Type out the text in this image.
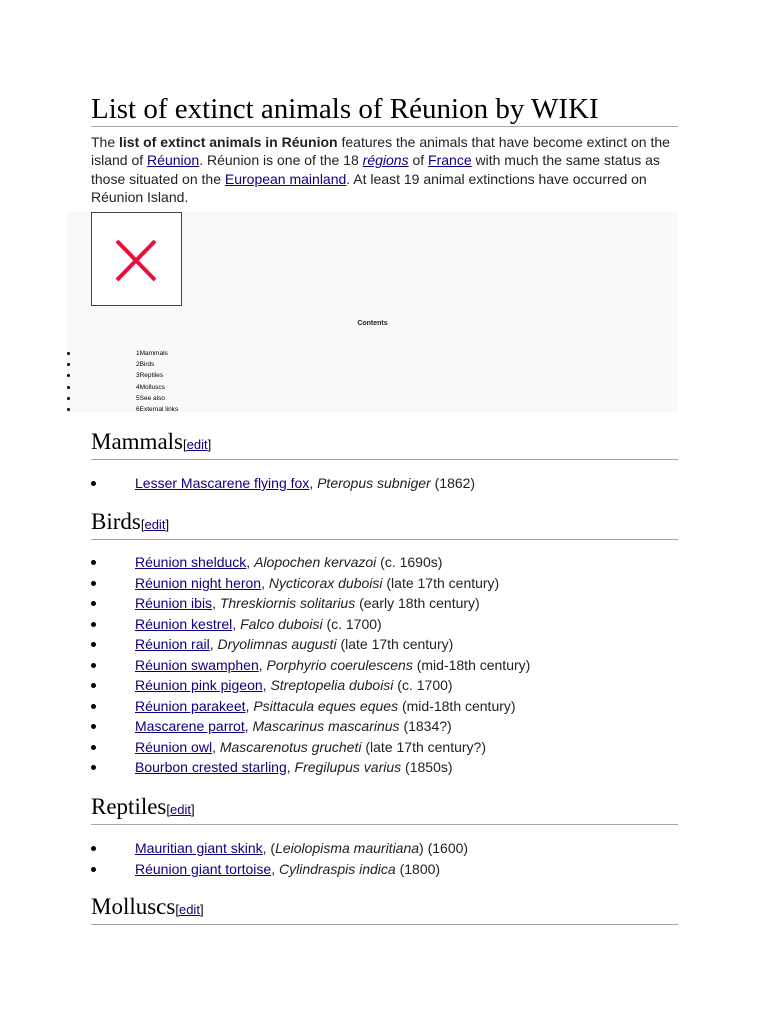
List of extinct animals of Réunion by WIKI
The list of extinct animals in Réunion features the animals that have become extinct on the island of Réunion. Réunion is one of the 18 régions of France with much the same status as those situated on the European mainland. At least 19 animal extinctions have occurred on Réunion Island.
Contents
1Mammals
2Birds
3Reptiles
4Molluscs
5See also
6External links
Mammals[edit]
Lesser Mascarene flying fox, Pteropus subniger (1862)
Birds[edit]
Réunion shelduck, Alopochen kervazoi (c. 1690s)
Réunion night heron, Nycticorax duboisi (late 17th century)
Réunion ibis, Threskiornis solitarius (early 18th century)
Réunion kestrel, Falco duboisi (c. 1700)
Réunion rail, Dryolimnas augusti (late 17th century)
Réunion swamphen, Porphyrio coerulescens (mid-18th century)
Réunion pink pigeon, Streptopelia duboisi (c. 1700)
Réunion parakeet, Psittacula eques eques (mid-18th century)
Mascarene parrot, Mascarinus mascarinus (1834?)
Réunion owl, Mascarenotus grucheti (late 17th century?)
Bourbon crested starling, Fregilupus varius (1850s)
Reptiles[edit]
Mauritian giant skink, (Leiolopisma mauritiana) (1600)
Réunion giant tortoise, Cylindraspis indica (1800)
Molluscs[edit]
